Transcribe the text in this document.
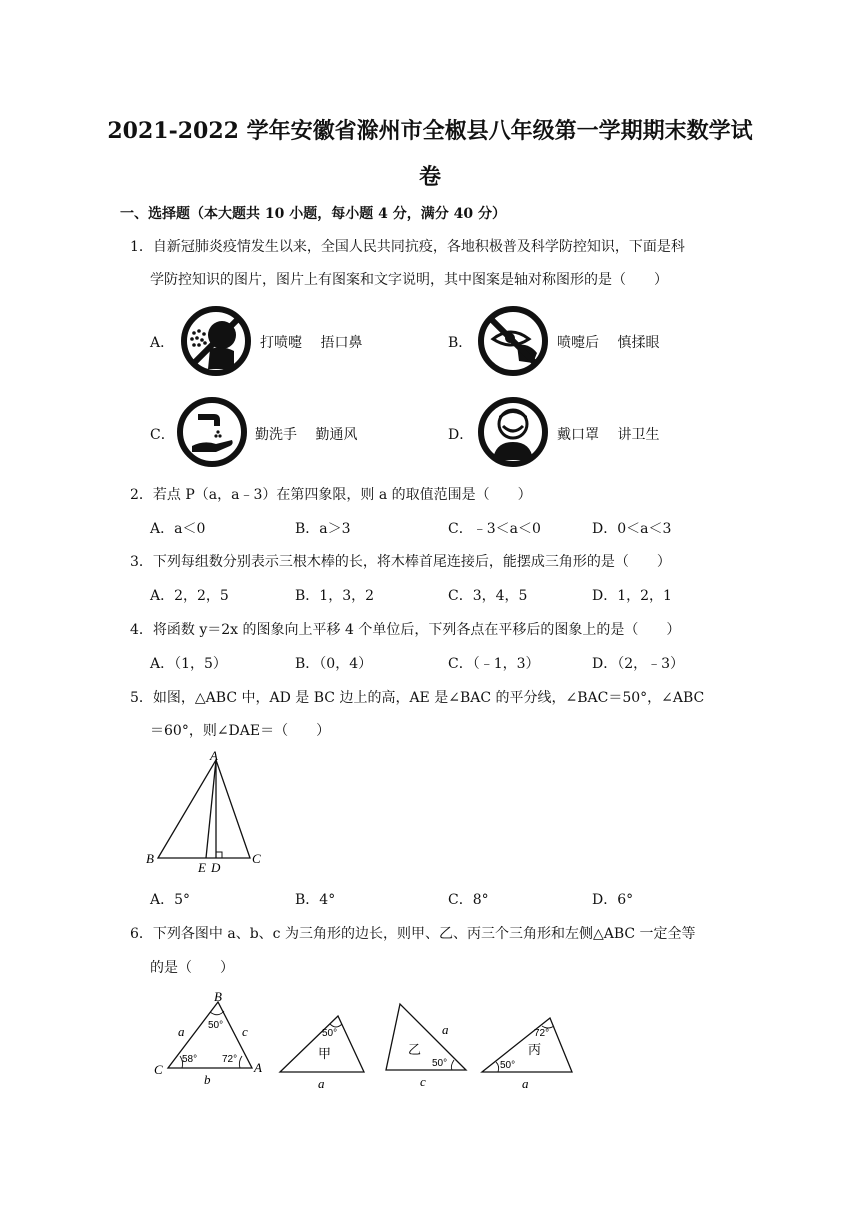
2021-2022 学年安徽省滁州市全椒县八年级第一学期期末数学试
卷
一、选择题（本大题共 10 小题，每小题 4 分，满分 40 分）
1．自新冠肺炎疫情发生以来，全国人民共同抗疫，各地积极普及科学防控知识，下面是科
学防控知识的图片，图片上有图案和文字说明，其中图案是轴对称图形的是（　　）
A．	打喷嚏　 捂口鼻	B．	喷嚏后　 慎揉眼
C．	勤洗手　 勤通风	D．	戴口罩　 讲卫生
2．若点 P（a，a﹣3）在第四象限，则 a 的取值范围是（　　）
A．a＜0	B．a＞3	C．﹣3＜a＜0	D．0＜a＜3
3．下列每组数分别表示三根木棒的长，将木棒首尾连接后，能摆成三角形的是（　　）
A．2，2，5	B．1，3，2	C．3，4，5	D．1，2，1
4．将函数 y＝2x 的图象向上平移 4 个单位后，下列各点在平移后的图象上的是（　　）
A．（1，5）	B．（0，4）	C．（﹣1，3）	D．（2，﹣3）
5．如图，△ABC 中，AD 是 BC 边上的高，AE 是∠BAC 的平分线，∠BAC＝50°，∠ABC
＝60°，则∠DAE＝（　　）
A
B	C
E D
A．5°	B．4°	C．8°	D．6°
6．下列各图中 a、b、c 为三角形的边长，则甲、乙、丙三个三角形和左侧△ABC 一定全等
的是（　　）
B
C	A
a	c
b
50°
58° 72°
50°
甲
a
a
乙
50°
c
72°
丙
50°
a
